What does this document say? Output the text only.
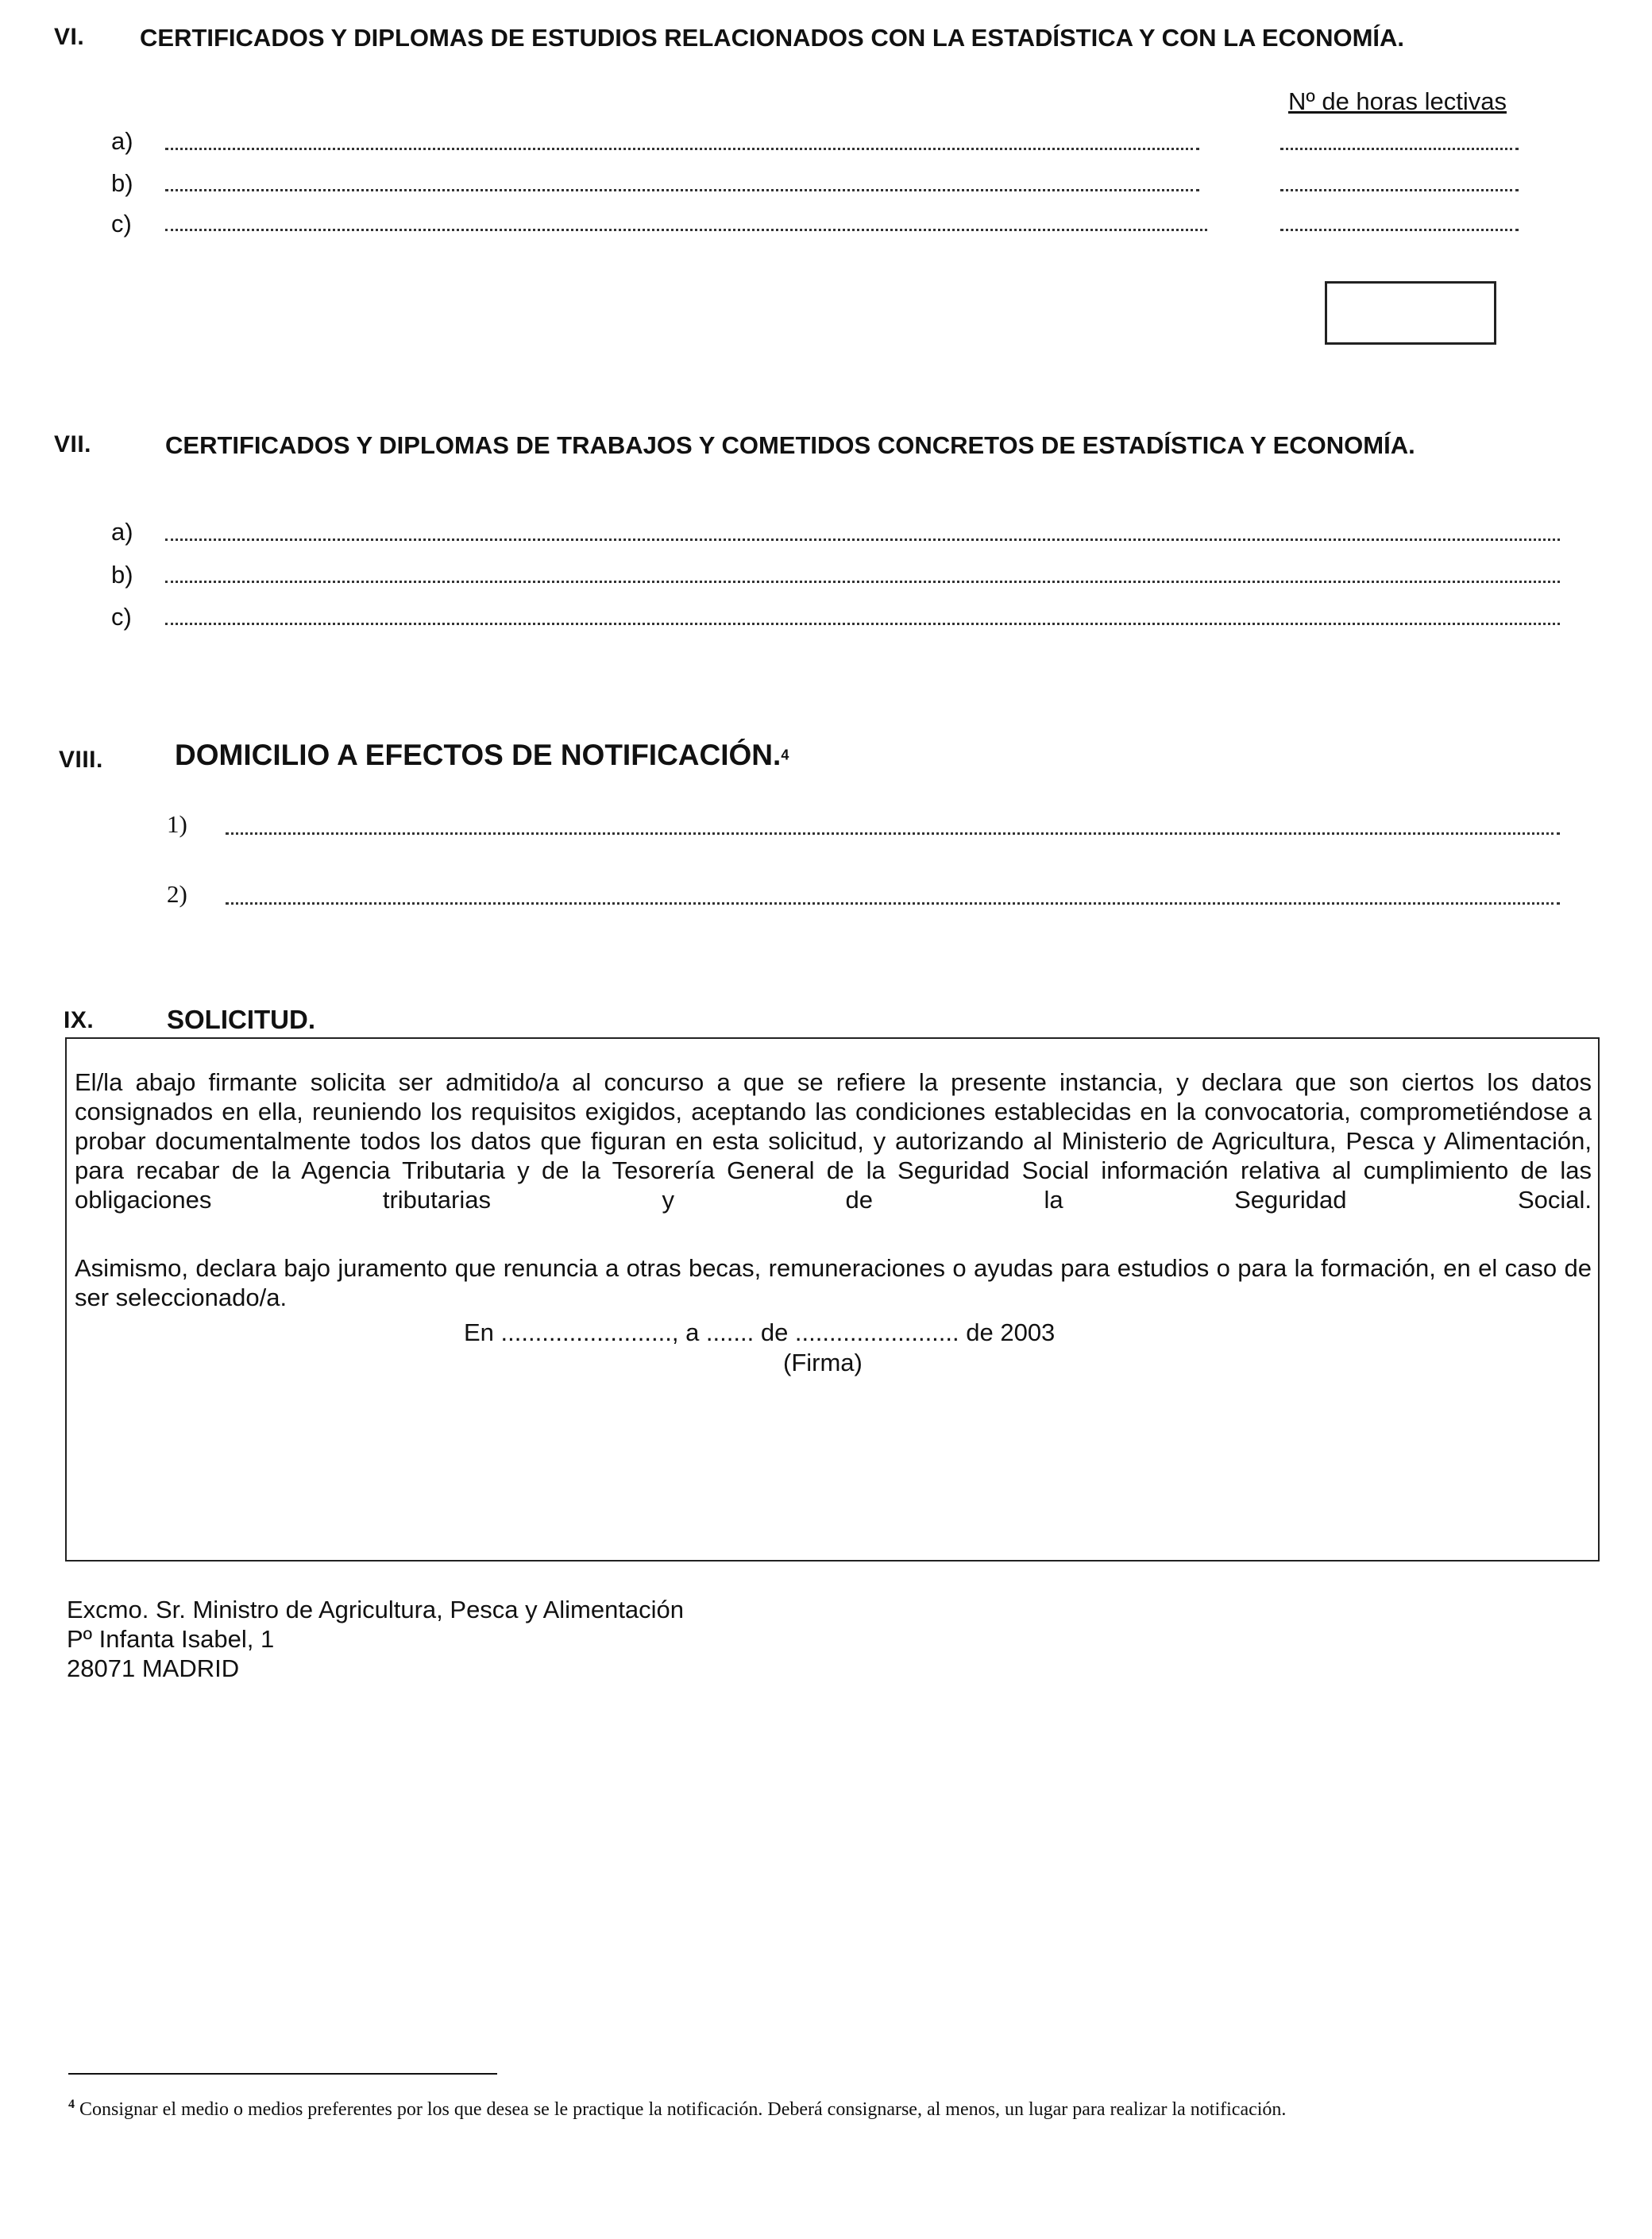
VI. CERTIFICADOS Y DIPLOMAS DE ESTUDIOS RELACIONADOS CON LA ESTADÍSTICA Y CON LA ECONOMÍA.
Nº de horas lectivas
a)
b)
c)
VII.	CERTIFICADOS Y DIPLOMAS DE TRABAJOS Y COMETIDOS CONCRETOS DE ESTADÍSTICA Y ECONOMÍA.
a)
b)
c)
VIII. DOMICILIO A EFECTOS DE NOTIFICACIÓN.$^4$
1)
2)
IX.	SOLICITUD.
El/la abajo firmante solicita ser admitido/a al concurso a que se refiere la presente instancia, y declara que son ciertos los datos consignados en ella, reuniendo los requisitos exigidos, aceptando las condiciones establecidas en la convocatoria, comprometiéndose a probar documentalmente todos los datos que figuran en esta solicitud, y autorizando al Ministerio de Agricultura, Pesca y Alimentación, para recabar de la Agencia Tributaria y de la Tesorería General de la Seguridad Social información relativa al cumplimiento de las obligaciones tributarias y de la Seguridad Social.
Asimismo, declara bajo juramento que renuncia a otras becas, remuneraciones o ayudas para estudios o para la formación, en el caso de ser seleccionado/a.
En ........................., a ....... de ........................ de 2003
(Firma)
Excmo. Sr. Ministro de Agricultura, Pesca y Alimentación
Pº Infanta Isabel, 1
28071 MADRID
$^4$ Consignar el medio o medios preferentes por los que desea se le practique la notificación. Deberá consignarse, al menos, un lugar para realizar la notificación.
